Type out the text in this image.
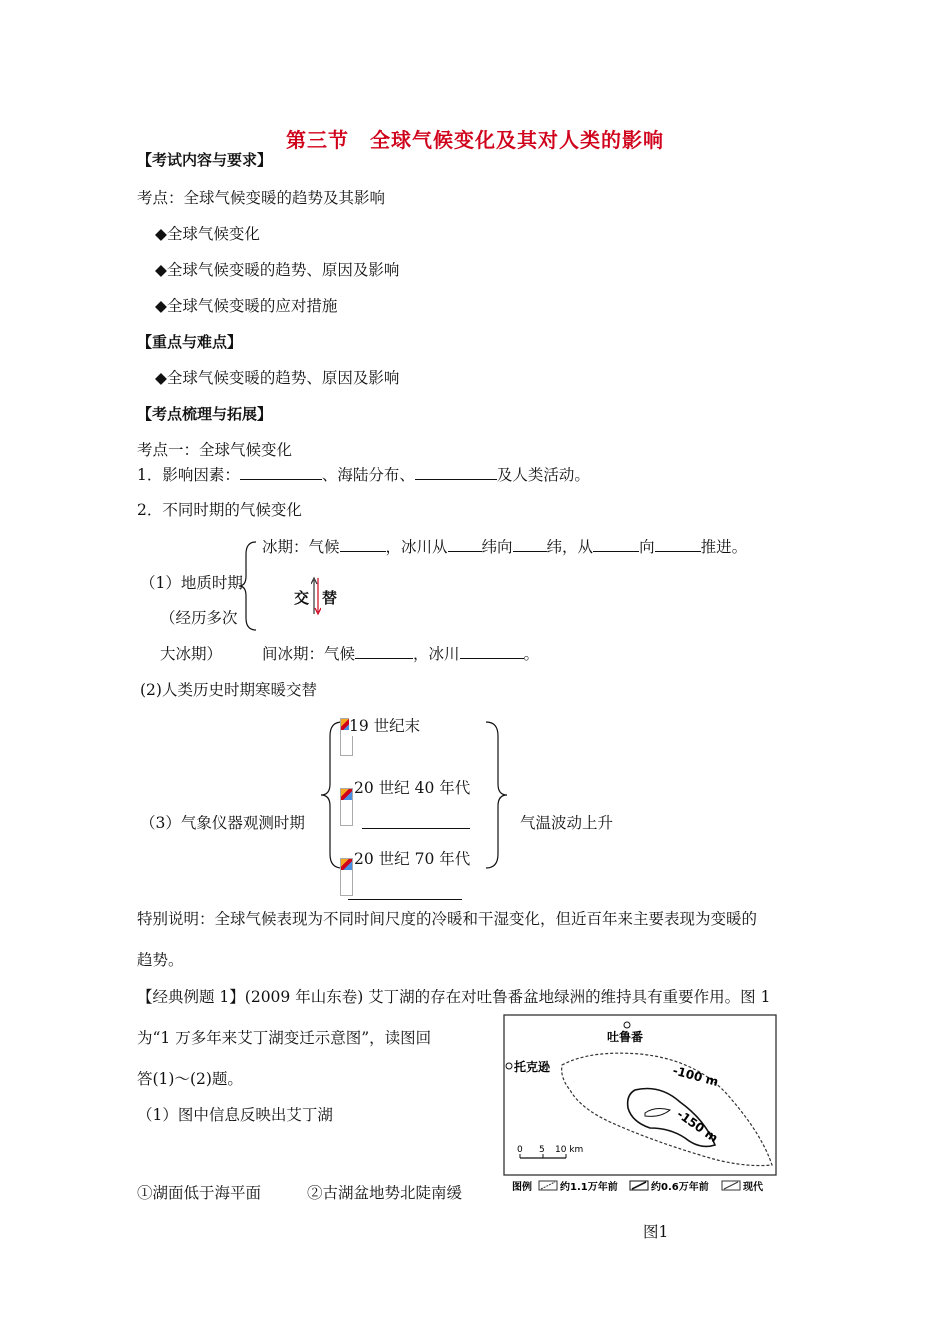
第三节　全球气候变化及其对人类的影响
【考试内容与要求】
考点：全球气候变暖的趋势及其影响
◆全球气候变化
◆全球气候变暖的趋势、原因及影响
◆全球气候变暖的应对措施
【重点与难点】
◆全球气候变暖的趋势、原因及影响
【考点梳理与拓展】
考点一：全球气候变化
1．影响因素：	、海陆分布、	及人类活动。
2．不同时期的气候变化
冰期：气候	，冰川从 纬向 纬，从	向	推进。
（1）地质时期
（经历多次
大冰期）
交 替
间冰期：气候	，冰川	。
(2)人类历史时期寒暖交替
19 世纪末
20 世纪 40 年代
（3）气象仪器观测时期	气温波动上升
20 世纪 70 年代
特别说明：全球气候表现为不同时间尺度的冷暖和干湿变化，但近百年来主要表现为变暖的
趋势。
【经典例题 1】(2009 年山东卷) 艾丁湖的存在对吐鲁番盆地绿洲的维持具有重要作用。图 1
为“1 万多年来艾丁湖变迁示意图”，读图回
答(1)～(2)题。
（1）图中信息反映出艾丁湖
①湖面低于海平面	②古湖盆地势北陡南缓
吐鲁番
托克逊	-100 m
-150 m
0 5 10 km
图例	约1.1万年前	约0.6万年前	现代
图1
